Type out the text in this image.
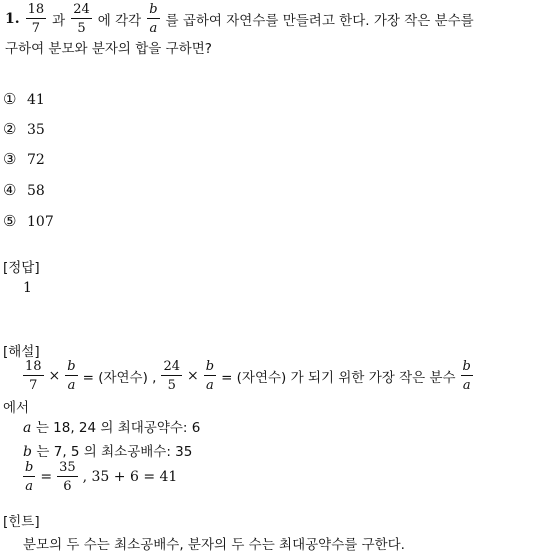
1. $\frac{18}{7}$ 과 $\frac{24}{5}$ 에 각각 $\frac{b}{a}$ 를 곱하여 자연수를 만들려고 한다. 가장 작은 분수를
구하여 분모와 분자의 합을 구하면?
① 41
② 35
③ 72
④ 58
⑤ 107
[정답]
1
[해설]
$\frac{18}{7} \times \frac{b}{a}$ = (자연수) , $\frac{24}{5} \times \frac{b}{a}$ = (자연수) 가 되기 위한 가장 작은 분수 $\frac{b}{a}$
에서
a 는 18, 24 의 최대공약수: 6
b 는 7, 5 의 최소공배수: 35
$\frac{b}{a} = \frac{35}{6}$ , 35 + 6 = 41
[힌트]
분모의 두 수는 최소공배수, 분자의 두 수는 최대공약수를 구한다.
